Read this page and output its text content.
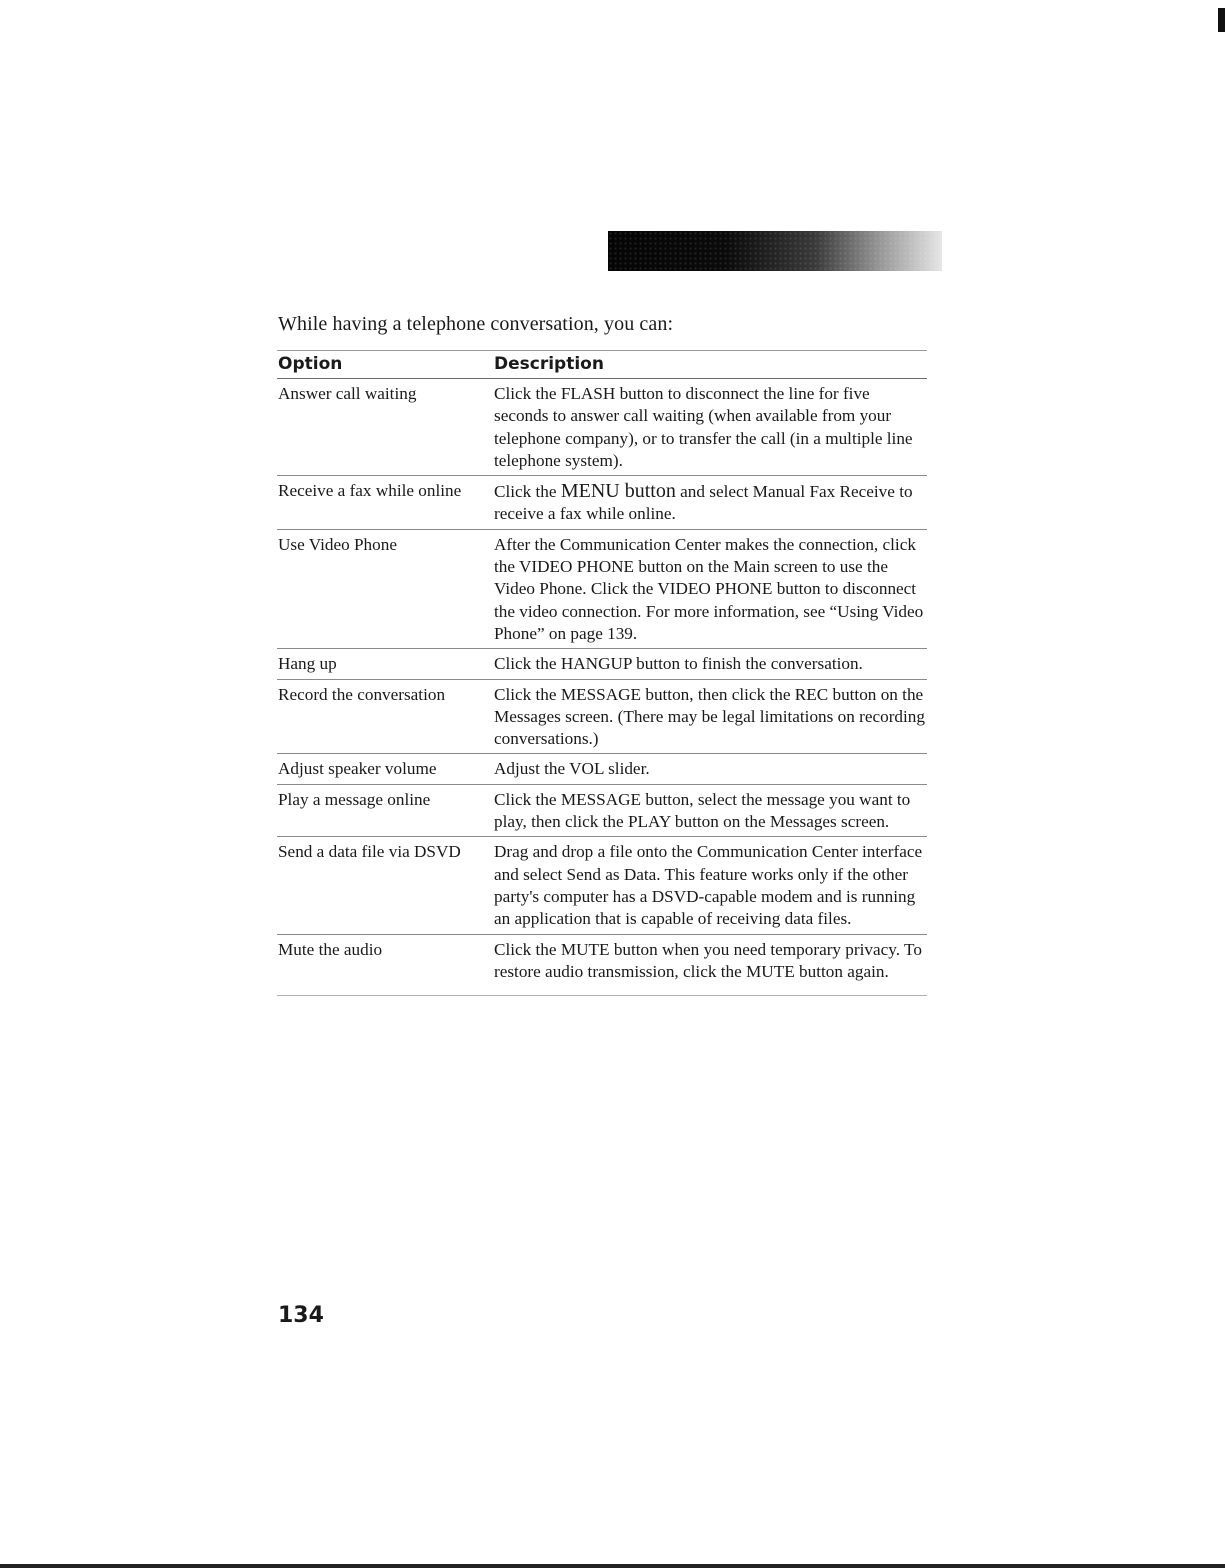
While having a telephone conversation, you can:

Option	Description
Answer call waiting	Click the FLASH button to disconnect the line for five seconds to answer call waiting (when available from your telephone company), or to transfer the call (in a multiple line telephone system).
Receive a fax while online	Click the MENU button and select Manual Fax Receive to receive a fax while online.
Use Video Phone	After the Communication Center makes the connection, click the VIDEO PHONE button on the Main screen to use the Video Phone. Click the VIDEO PHONE button to disconnect the video connection. For more information, see “Using Video Phone” on page 139.
Hang up	Click the HANGUP button to finish the conversation.
Record the conversation	Click the MESSAGE button, then click the REC button on the Messages screen. (There may be legal limitations on recording conversations.)
Adjust speaker volume	Adjust the VOL slider.
Play a message online	Click the MESSAGE button, select the message you want to play, then click the PLAY button on the Messages screen.
Send a data file via DSVD	Drag and drop a file onto the Communication Center interface and select Send as Data. This feature works only if the other party's computer has a DSVD-capable modem and is running an application that is capable of receiving data files.
Mute the audio	Click the MUTE button when you need temporary privacy. To restore audio transmission, click the MUTE button again.
134
